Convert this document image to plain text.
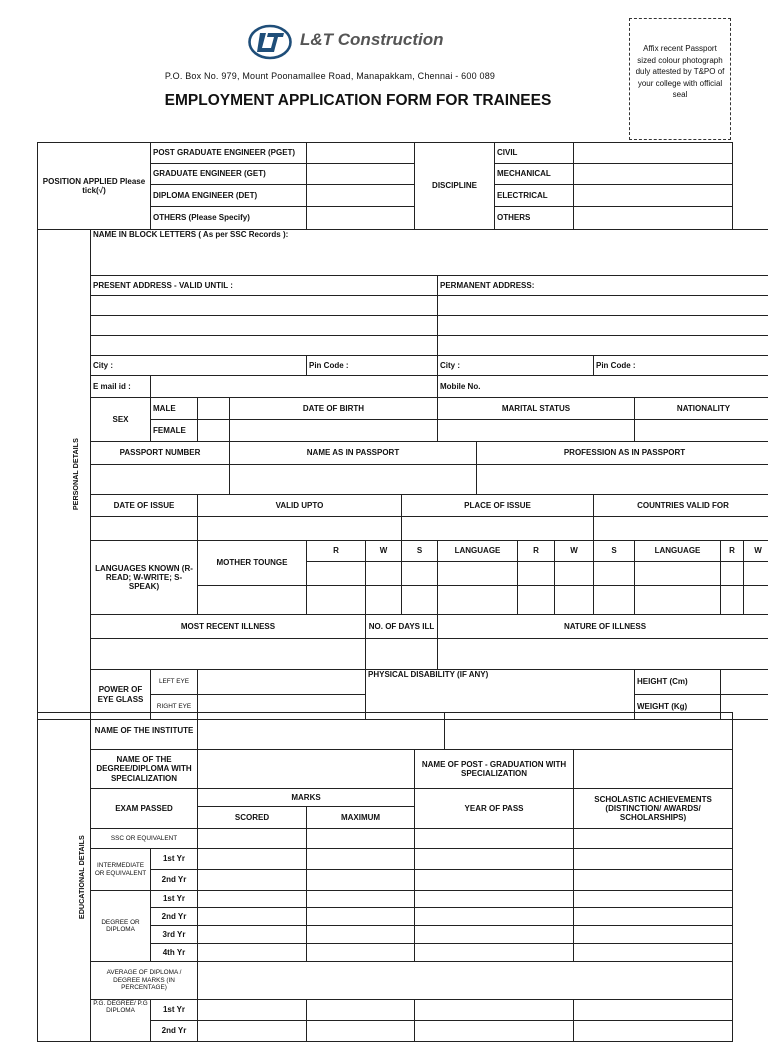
L&T Construction
P.O. Box No. 979, Mount Poonamallee Road, Manapakkam, Chennai - 600 089
EMPLOYMENT APPLICATION FORM FOR TRAINEES
Affix recent Passport sized colour photograph duly attested by T&PO of your college with official seal
POSITION APPLIED Please tick(√)	POST GRADUATE ENGINEER (PGET)		DISCIPLINE	CIVIL	
	GRADUATE ENGINEER (GET)			MECHANICAL	
	DIPLOMA ENGINEER (DET)			ELECTRICAL	
	OTHERS (Please Specify)			OTHERS	
PERSONAL DETAILS	NAME IN BLOCK LETTERS ( As per SSC Records ):															
	PRESENT ADDRESS - VALID UNTIL :							PERMANENT ADDRESS:								

	City :				Pin Code :			City :				Pin Code :				
	E mail id :							Mobile No.								
	SEX	MALE		DATE OF BIRTH				MARITAL STATUS					NATIONALITY			
		FEMALE														
	PASSPORT NUMBER			NAME AS IN PASSPORT					PROFESSION AS IN PASSPORT							

	DATE OF ISSUE		VALID UPTO				PLACE OF ISSUE					COUNTRIES VALID FOR				

	LANGUAGES KNOWN (R-READ; W-WRITE; S-SPEAK)		MOTHER TOUNGE		R	W	S	LANGUAGE		R	W	S	LANGUAGE	R	W	

	MOST RECENT ILLNESS					NO. OF DAYS ILL		NATURE OF ILLNESS								

	POWER OF EYE GLASS	LEFT EYE				PHYSICAL DISABILITY (IF ANY)							HEIGHT (Cm)			
		RIGHT EYE											WEIGHT (Kg)			
EDUCATIONAL DETAILS	NAME OF THE INSTITUTE						
	NAME OF THE DEGREE/DIPLOMA WITH SPECIALIZATION				NAME OF POST - GRADUATION WITH SPECIALIZATION		
	EXAM PASSED		MARKS		YEAR OF PASS		SCHOLASTIC ACHIEVEMENTS (DISTINCTION/ AWARDS/ SCHOLARSHIPS)
			SCORED	MAXIMUM			
	SSC OR EQUIVALENT						
	INTERMEDIATE OR EQUIVALENT	1st Yr					
		2nd Yr					
	DEGREE OR DIPLOMA	1st Yr					
		2nd Yr					
		3rd Yr					
		4th Yr					
	AVERAGE OF DIPLOMA / DEGREE MARKS (IN PERCENTAGE)						
	P.G. DEGREE/ P.G DIPLOMA	1st Yr					
		2nd Yr					
